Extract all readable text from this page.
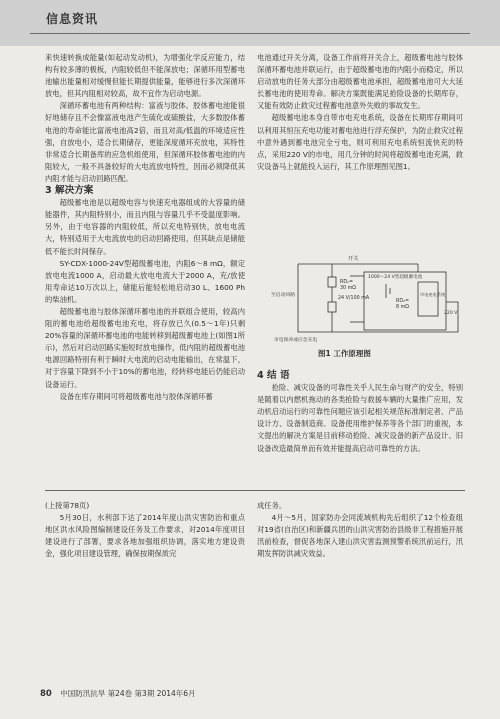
信息资讯

来快速转换成能量(如起动发动机)，为增强化学反应能力，结构有较多薄的极板，内阻较低但不能深放电；深循环用型蓄电池输出能量相对缓慢但能长期提供能量，能够进行多次深循环放电，但其内阻相对较高，故不宜作为启动电源。

深循环蓄电池有两种结构：富液与胶体。胶体蓄电池能很好地储存且不会像富液电池产生硫化或硫酸盐，大多数胶体蓄电池的寿命能比富液电池高2倍，而且对高/低温的环境适应性强，自放电小，适合长期储存，更能深度循环充放电，其特性非常适合长期备库的应急机组使用，但深循环胶体蓄电池的内阻较大，一般不具备较好的大电流放电特性，因而必须降低其内阻才能与启动回路匹配。

3 解决方案

超级蓄电池是以超级电容与快速充电器组成的大容量的储能器件，其内阻特别小，而且内阻与容量几乎不受温度影响。另外，由于电容器的内阻较低，所以充电特别快，放电电流大，特别适用于大电流放电的启动回路使用，但其缺点是储能低不能长时间保存。

SY-CDX-1000-24V型超级蓄电池，内阻6～8 mΩ，额定放电电流1000 A，启动最大放电电流大于2000 A，充/放使用寿命达10万次以上，储能后能轻松地启动30 L、1600 Ph的柴油机。

超级蓄电池与胶体深循环蓄电池的并联组合使用，较高内阻的蓄电池给超级蓄电池充电，将存放已久(0.5～1年)只剩20%容量的深循环蓄电池的电能转移到超级蓄电池上(如图1所示)，然后对启动回路实施短时放电操作，低内阻的超级蓄电池电源回路特别有利于瞬时大电流的启动电能输出，在常温下，对于容量下降到不小于10%的蓄电池，经转移电能后仍能启动设备运行。

设备在库存期间可将超级蓄电池与胶体深循环蓄

电池通过开关分离，设备工作前将开关合上，超级蓄电池与胶体深循环蓄电池并联运行，由于超级蓄电池的内阻小而稳定，所以启动放电的任务大部分由超级蓄电池承担，超级蓄电池可大大延长蓄电池的使用寿命。解决方案既能满足抢险设备的长期库存，又能有效防止救灾过程蓄电池意外失败的事故发生。

超级蓄电池本身自带市电充电系统，设备在长期库存期间可以利用其恒压充电功能对蓄电池进行浮充保护，为防止救灾过程中意外遇到蓄电池完全亏电，则可利用充电系统恒流快充的特点，采用220 V的市电，用几分钟的时间将超级蓄电池充满，救灾设备马上就能投入运行，其工作原理图见图1。

开关
RD₁=
30 mΩ
1000～24 V型超级蓄电池
至启动回路
24 V/100 mA
RD₂=
8 mΩ
市电充电系统
220 V
市电保养或应急充电
图1 工作原理图

4 结 语

抢险、减灾设备的可靠性关乎人民生命与财产的安全，特别是随着以内燃机拖动的各类抢险与救援车辆的大量推广应用，发动机启动运行的可靠性问题应该引起相关规范标准制定者、产品设计方、设备制造商、设备使用维护保养等各个部门的重视，本文提出的解决方案是目前移动抢险、减灾设备的新产品设计、旧设备改造最简单而有效并能提高启动可靠性的方法。

(上接第78页)

5月30日，水利部下达了2014年度山洪灾害防治和重点地区洪水风险图编制建设任务及工作要求，对2014年度项目建设进行了部署，要求各地加强组织协调，落实地方建设资金，强化项目建设管理，确保按期保质完

成任务。

4月～5月，国家防办会同流域机构先后组织了12个检查组对19省(自治区)和新疆兵团的山洪灾害防治县级非工程措施开展汛前检查，督促各地深入建山洪灾害监测预警系统汛前运行，汛期发挥防洪减灾效益。

80 中国防汛抗旱 第24卷 第3期 2014年6月
